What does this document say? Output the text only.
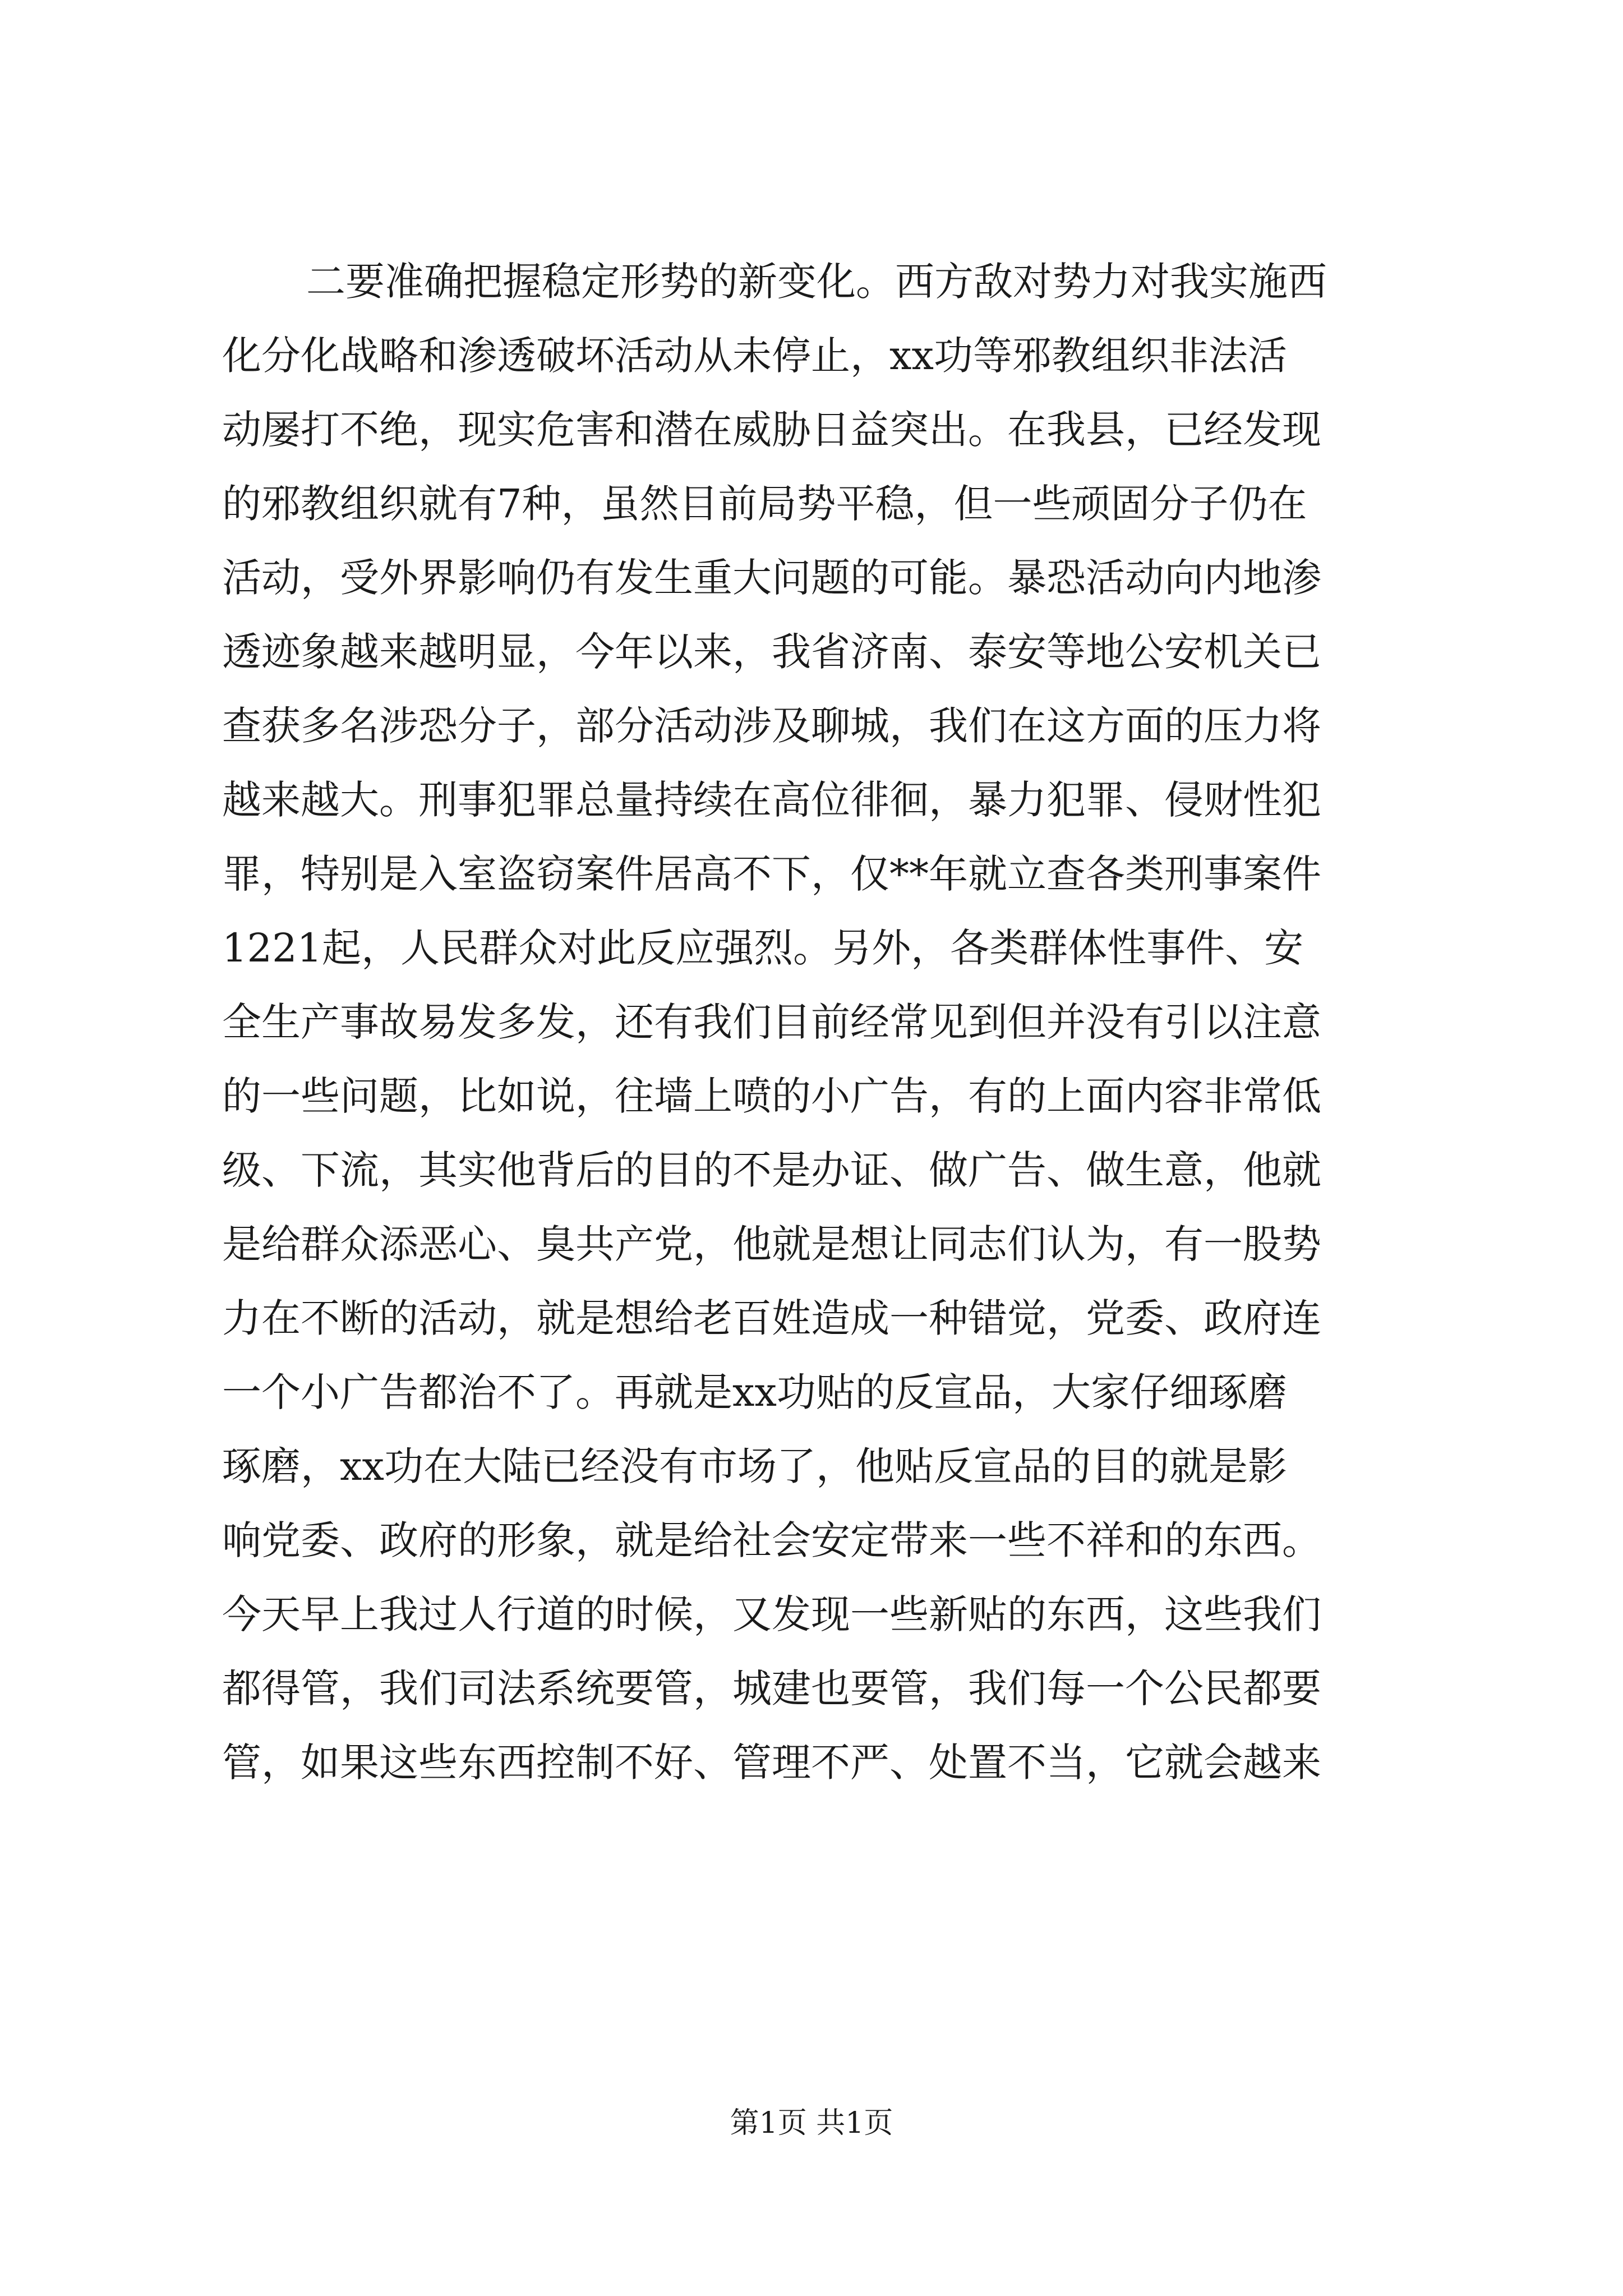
二要准确把握稳定形势的新变化。西方敌对势力对我实施西
化分化战略和渗透破坏活动从未停止，xx功等邪教组织非法活
动屡打不绝，现实危害和潜在威胁日益突出。在我县，已经发现
的邪教组织就有7种，虽然目前局势平稳，但一些顽固分子仍在
活动，受外界影响仍有发生重大问题的可能。暴恐活动向内地渗
透迹象越来越明显，今年以来，我省济南、泰安等地公安机关已
查获多名涉恐分子，部分活动涉及聊城，我们在这方面的压力将
越来越大。刑事犯罪总量持续在高位徘徊，暴力犯罪、侵财性犯
罪，特别是入室盗窃案件居高不下，仅**年就立查各类刑事案件
1221起，人民群众对此反应强烈。另外，各类群体性事件、安
全生产事故易发多发，还有我们目前经常见到但并没有引以注意
的一些问题，比如说，往墙上喷的小广告，有的上面内容非常低
级、下流，其实他背后的目的不是办证、做广告、做生意，他就
是给群众添恶心、臭共产党，他就是想让同志们认为，有一股势
力在不断的活动，就是想给老百姓造成一种错觉，党委、政府连
一个小广告都治不了。再就是xx功贴的反宣品，大家仔细琢磨
琢磨，xx功在大陆已经没有市场了，他贴反宣品的目的就是影
响党委、政府的形象，就是给社会安定带来一些不祥和的东西。
今天早上我过人行道的时候，又发现一些新贴的东西，这些我们
都得管，我们司法系统要管，城建也要管，我们每一个公民都要
管，如果这些东西控制不好、管理不严、处置不当，它就会越来
第1页 共1页
